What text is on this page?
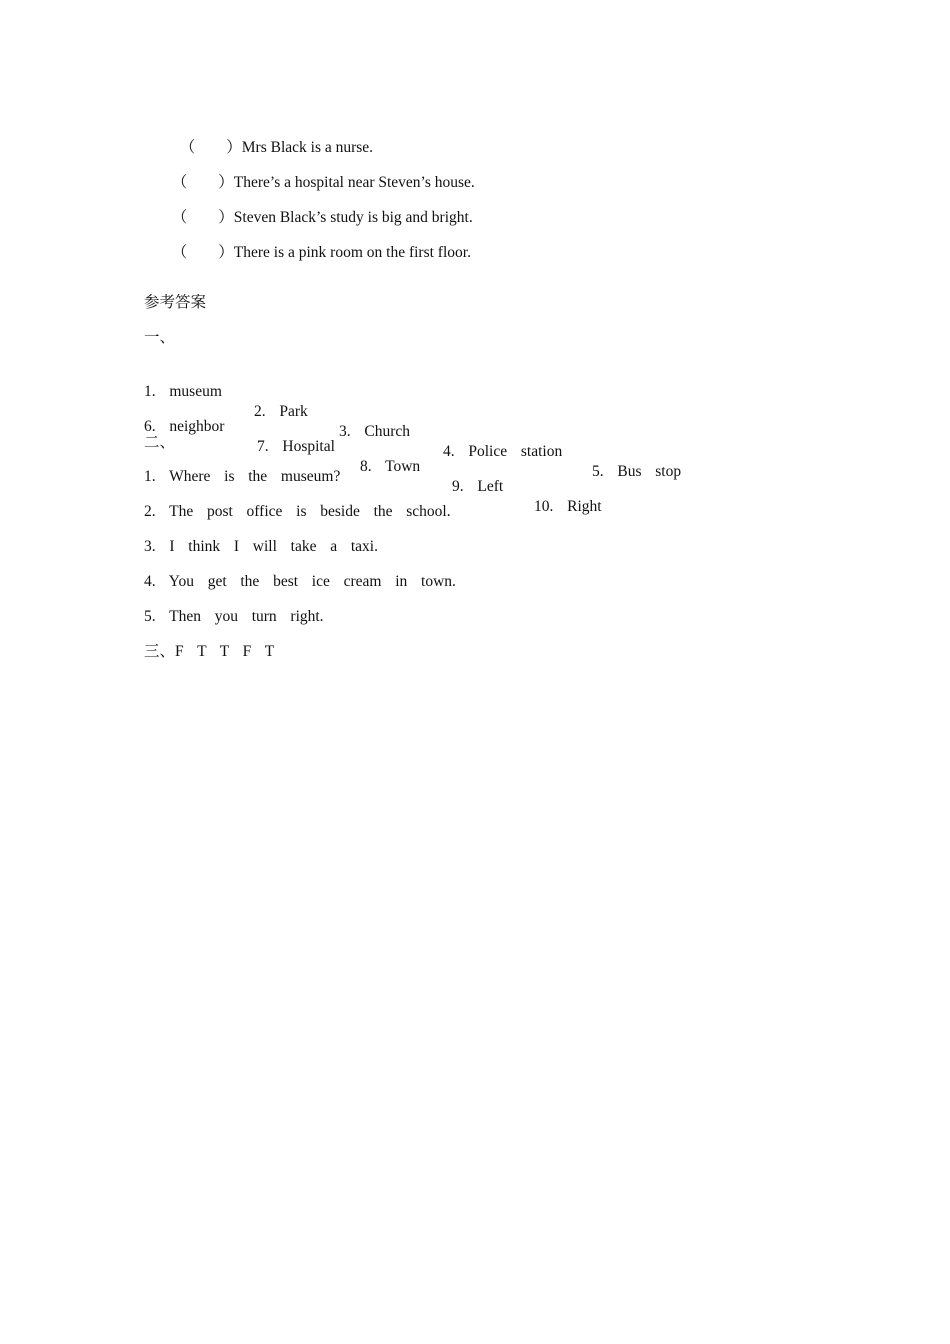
（　　）Mrs Black is a nurse.

（　　）There’s a hospital near Steven’s house.

（　　）Steven Black’s study is big and bright.

（　　）There is a pink room on the first floor.

参考答案
一、

1.  museum

2.  Park

3.  Church

4.  Police  station

5.  Bus  stop

6.  neighbor

7.  Hospital

8.  Town

9.  Left

10.  Right

二、
1.  Where  is  the  museum?
2.  The  post  office  is  beside  the  school.
3.  I  think  I  will  take  a  taxi.
4.  You  get  the  best  ice  cream  in  town.
5.  Then  you  turn  right.
三、F  T  T  F  T
